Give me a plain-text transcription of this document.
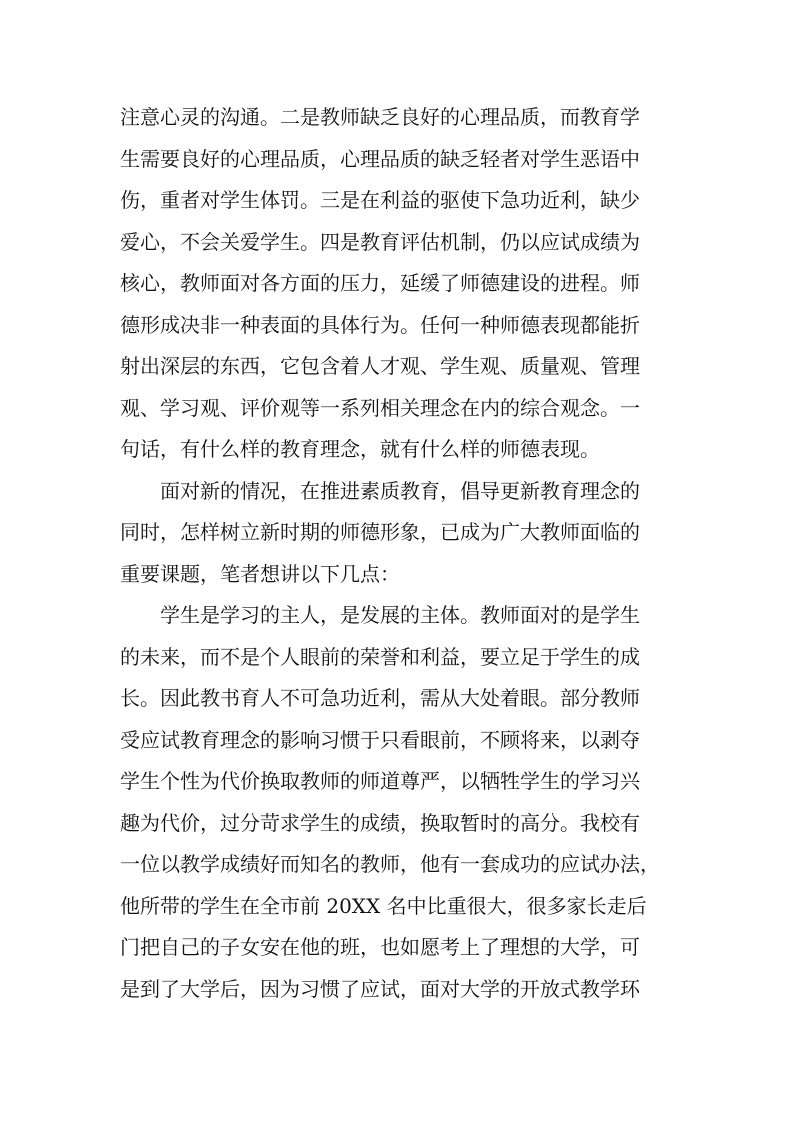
注意心灵的沟通。二是教师缺乏良好的心理品质，而教育学
生需要良好的心理品质，心理品质的缺乏轻者对学生恶语中
伤，重者对学生体罚。三是在利益的驱使下急功近利，缺少
爱心，不会关爱学生。四是教育评估机制，仍以应试成绩为
核心，教师面对各方面的压力，延缓了师德建设的进程。师
德形成决非一种表面的具体行为。任何一种师德表现都能折
射出深层的东西，它包含着人才观、学生观、质量观、管理
观、学习观、评价观等一系列相关理念在内的综合观念。一
句话，有什么样的教育理念，就有什么样的师德表现。
面对新的情况，在推进素质教育，倡导更新教育理念的
同时，怎样树立新时期的师德形象，已成为广大教师面临的
重要课题，笔者想讲以下几点：
学生是学习的主人，是发展的主体。教师面对的是学生
的未来，而不是个人眼前的荣誉和利益，要立足于学生的成
长。因此教书育人不可急功近利，需从大处着眼。部分教师
受应试教育理念的影响习惯于只看眼前，不顾将来，以剥夺
学生个性为代价换取教师的师道尊严，以牺牲学生的学习兴
趣为代价，过分苛求学生的成绩，换取暂时的高分。我校有
一位以教学成绩好而知名的教师，他有一套成功的应试办法，
他所带的学生在全市前 20XX 名中比重很大，很多家长走后
门把自己的子女安在他的班，也如愿考上了理想的大学，可
是到了大学后，因为习惯了应试，面对大学的开放式教学环
